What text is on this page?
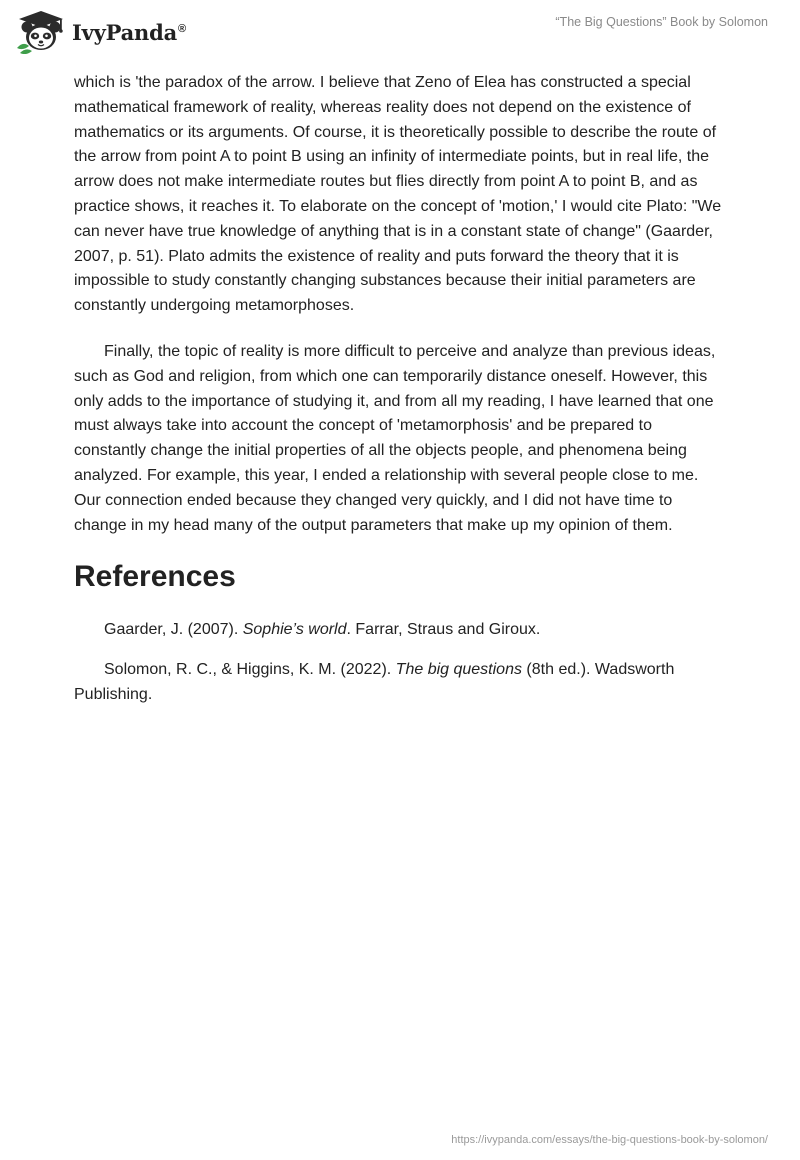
IvyPanda®	“The Big Questions” Book by Solomon

which is 'the paradox of the arrow. I believe that Zeno of Elea has constructed a special mathematical framework of reality, whereas reality does not depend on the existence of mathematics or its arguments. Of course, it is theoretically possible to describe the route of the arrow from point A to point B using an infinity of intermediate points, but in real life, the arrow does not make intermediate routes but flies directly from point A to point B, and as practice shows, it reaches it. To elaborate on the concept of 'motion,' I would cite Plato: "We can never have true knowledge of anything that is in a constant state of change" (Gaarder, 2007, p. 51). Plato admits the existence of reality and puts forward the theory that it is impossible to study constantly changing substances because their initial parameters are constantly undergoing metamorphoses.

Finally, the topic of reality is more difficult to perceive and analyze than previous ideas, such as God and religion, from which one can temporarily distance oneself. However, this only adds to the importance of studying it, and from all my reading, I have learned that one must always take into account the concept of 'metamorphosis' and be prepared to constantly change the initial properties of all the objects people, and phenomena being analyzed. For example, this year, I ended a relationship with several people close to me. Our connection ended because they changed very quickly, and I did not have time to change in my head many of the output parameters that make up my opinion of them.

References

Gaarder, J. (2007). Sophie’s world. Farrar, Straus and Giroux.

Solomon, R. C., & Higgins, K. M. (2022). The big questions (8th ed.). Wadsworth Publishing.

https://ivypanda.com/essays/the-big-questions-book-by-solomon/
